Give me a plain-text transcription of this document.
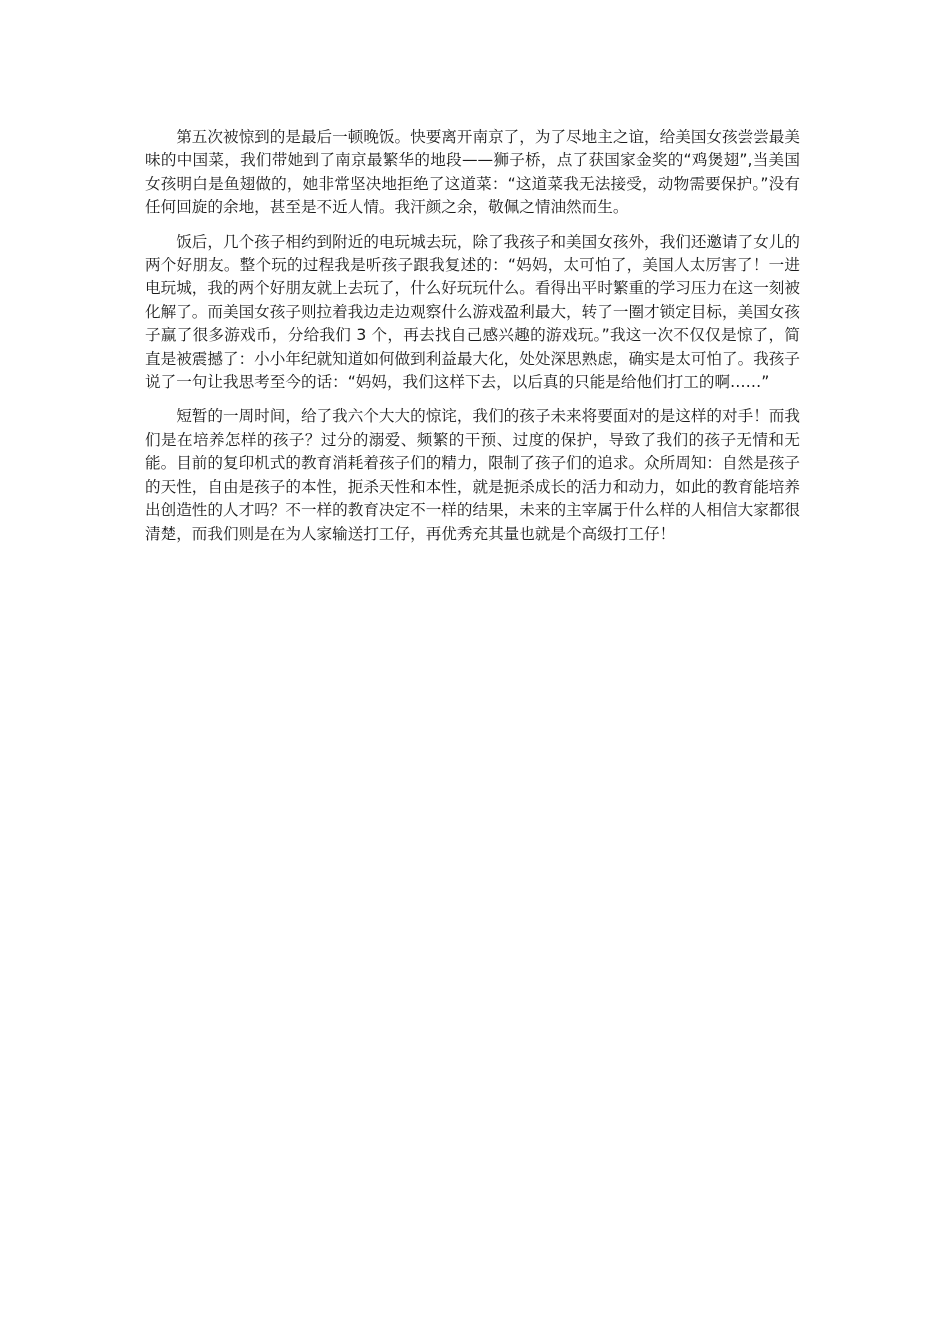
第五次被惊到的是最后一顿晚饭。快要离开南京了，为了尽地主之谊，给美国女孩尝尝最美味的中国菜，我们带她到了南京最繁华的地段——狮子桥，点了获国家金奖的“鸡煲翅”,当美国女孩明白是鱼翅做的，她非常坚决地拒绝了这道菜：“这道菜我无法接受，动物需要保护。”没有任何回旋的余地，甚至是不近人情。我汗颜之余，敬佩之情油然而生。

饭后，几个孩子相约到附近的电玩城去玩，除了我孩子和美国女孩外，我们还邀请了女儿的两个好朋友。整个玩的过程我是听孩子跟我复述的：“妈妈，太可怕了，美国人太厉害了！一进电玩城，我的两个好朋友就上去玩了，什么好玩玩什么。看得出平时繁重的学习压力在这一刻被化解了。而美国女孩子则拉着我边走边观察什么游戏盈利最大，转了一圈才锁定目标，美国女孩子赢了很多游戏币，分给我们 3 个，再去找自己感兴趣的游戏玩。”我这一次不仅仅是惊了，简直是被震撼了：小小年纪就知道如何做到利益最大化，处处深思熟虑，确实是太可怕了。我孩子说了一句让我思考至今的话：“妈妈，我们这样下去，以后真的只能是给他们打工的啊……”

短暂的一周时间，给了我六个大大的惊诧，我们的孩子未来将要面对的是这样的对手！而我们是在培养怎样的孩子？过分的溺爱、频繁的干预、过度的保护，导致了我们的孩子无情和无能。目前的复印机式的教育消耗着孩子们的精力，限制了孩子们的追求。众所周知：自然是孩子的天性，自由是孩子的本性，扼杀天性和本性，就是扼杀成长的活力和动力，如此的教育能培养出创造性的人才吗？不一样的教育决定不一样的结果，未来的主宰属于什么样的人相信大家都很清楚，而我们则是在为人家输送打工仔，再优秀充其量也就是个高级打工仔！
